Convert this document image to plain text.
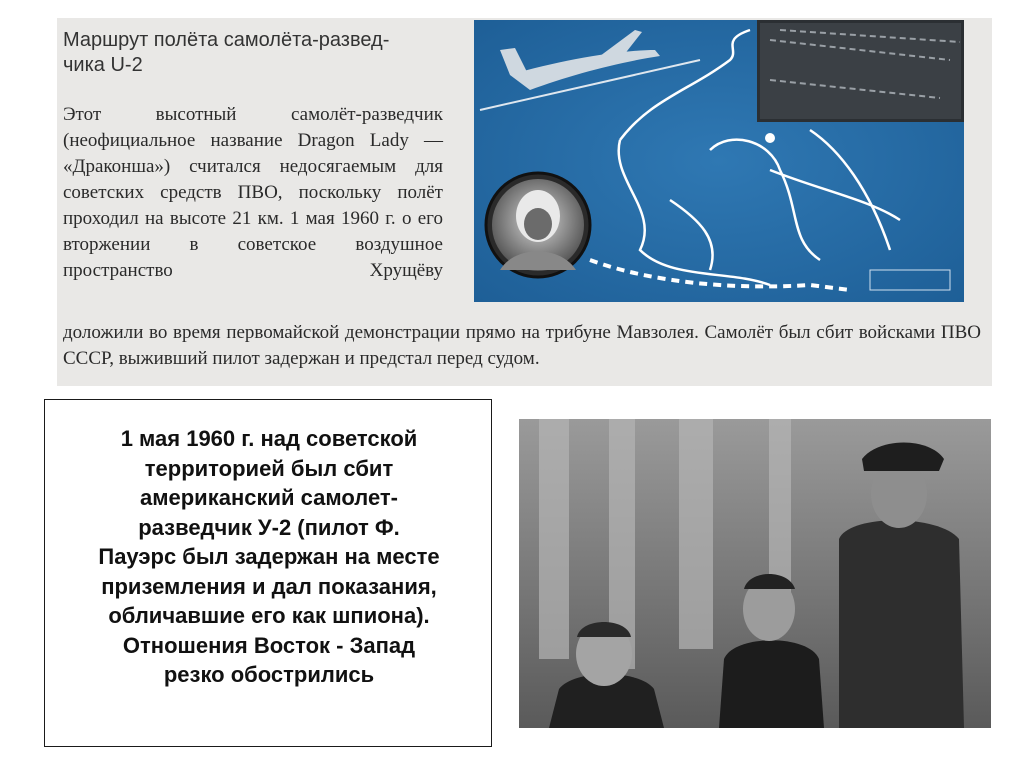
Маршрут полёта самолёта-развед-
чика U-2
Этот высотный самолёт-разведчик (неофициальное название Dragon Lady — «Драконша») считался недосягаемым для советских средств ПВО, поскольку полёт проходил на высоте 21 км. 1 мая 1960 г. о его вторжении в советское воздушное пространство Хрущёву
доложили во время первомайской демонстрации прямо на трибуне Мавзолея. Самолёт был сбит войсками ПВО СССР, выживший пилот задержан и предстал перед судом.
1 мая 1960 г. над советской
территорией был сбит
американский самолет-
разведчик У-2 (пилот Ф.
Пауэрс был задержан на месте
приземления и дал показания,
обличавшие его как шпиона).
Отношения Восток - Запад
резко обострились
